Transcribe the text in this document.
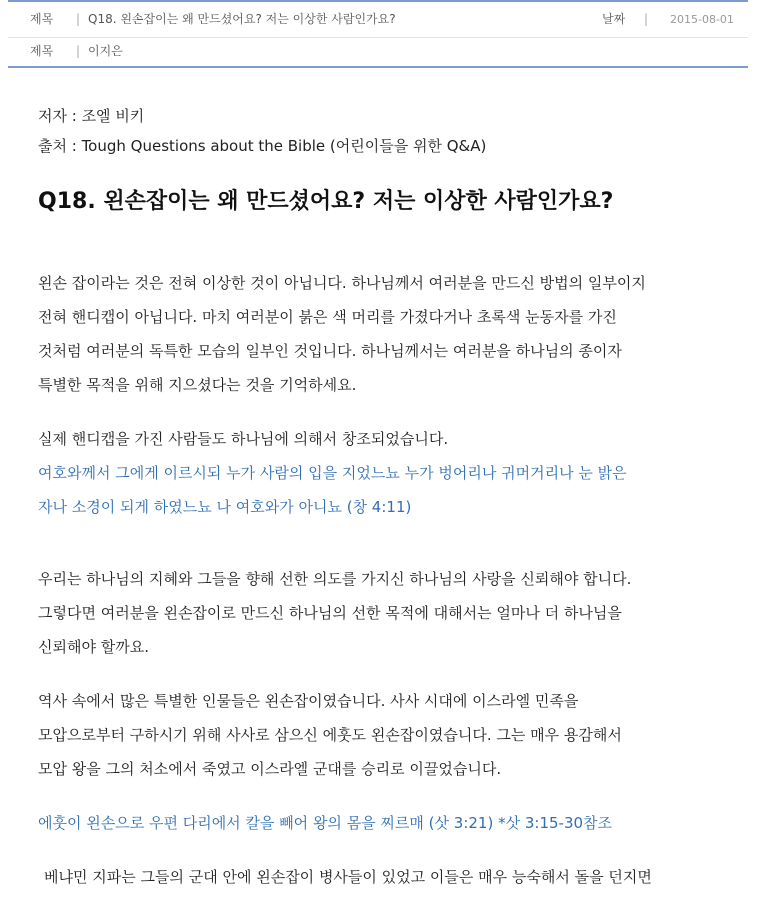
제목 | Q18. 왼손잡이는 왜 만드셨어요? 저는 이상한 사람인가요?	날짜 | 2015-08-01
제목 | 이지은

저자 : 조엘 비키

출처 : Tough Questions about the Bible (어린이들을 위한 Q&A)

Q18. 왼손잡이는 왜 만드셨어요? 저는 이상한 사람인가요?

왼손 잡이라는 것은 전혀 이상한 것이 아닙니다. 하나님께서 여러분을 만드신 방법의 일부이지

전혀 핸디캡이 아닙니다. 마치 여러분이 붉은 색 머리를 가졌다거나 초록색 눈동자를 가진

것처럼 여러분의 독특한 모습의 일부인 것입니다. 하나님께서는 여러분을 하나님의 종이자

특별한 목적을 위해 지으셨다는 것을 기억하세요.

실제 핸디캡을 가진 사람들도 하나님에 의해서 창조되었습니다.

여호와께서 그에게 이르시되 누가 사람의 입을 지었느뇨 누가 벙어리나 귀머거리나 눈 밝은

자나 소경이 되게 하였느뇨 나 여호와가 아니뇨 (창 4:11)

우리는 하나님의 지혜와 그들을 향해 선한 의도를 가지신 하나님의 사랑을 신뢰해야 합니다.

그렇다면 여러분을 왼손잡이로 만드신 하나님의 선한 목적에 대해서는 얼마나 더 하나님을

신뢰해야 할까요.

역사 속에서 많은 특별한 인물들은 왼손잡이였습니다. 사사 시대에 이스라엘 민족을

모압으로부터 구하시기 위해 사사로 삼으신 에훗도 왼손잡이였습니다. 그는 매우 용감해서

모압 왕을 그의 처소에서 죽였고 이스라엘 군대를 승리로 이끌었습니다.

에훗이 왼손으로 우편 다리에서 칼을 빼어 왕의 몸을 찌르매 (삿 3:21) *삿 3:15-30참조

베냐민 지파는 그들의 군대 안에 왼손잡이 병사들이 있었고 이들은 매우 능숙해서 돌을 던지면
